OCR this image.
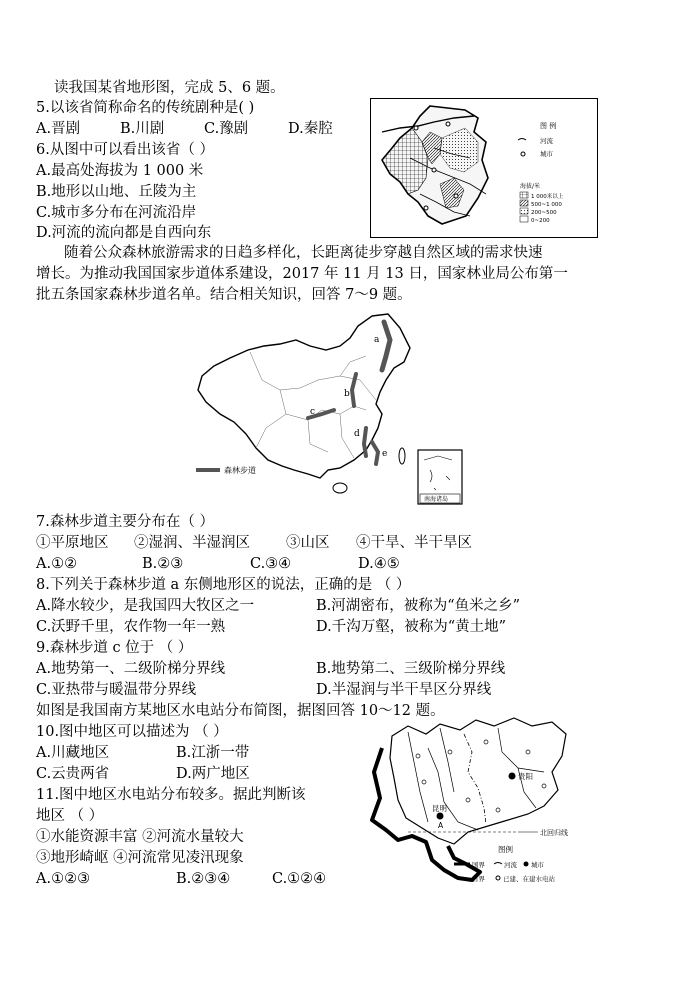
读我国某省地形图，完成 5、6 题。
5.以该省简称命名的传统剧种是( )
A.晋剧	B.川剧	C.豫剧	D.秦腔
6.从图中可以看出该省（ ）
A.最高处海拔为 1 000 米
B.地形以山地、丘陵为主
C.城市多分布在河流沿岸
D.河流的流向都是自西向东
图 例
河流
城市
海拔/米
1 000米以上
500~1 000
200~500
0~200
随着公众森林旅游需求的日趋多样化，长距离徒步穿越自然区域的需求快速
增长。为推动我国国家步道体系建设，2017 年 11 月 13 日，国家林业局公布第一
批五条国家森林步道名单。结合相关知识，回答 7～9 题。
a
b
c
d
e
森林步道
南海诸岛
7.森林步道主要分布在（ ）
①平原地区 ②湿润、半湿润区 ③山区 ④干旱、半干旱区
A.①②	B.②③	C.③④	D.④⑤
8.下列关于森林步道 a 东侧地形区的说法，正确的是 （ ）
A.降水较少，是我国四大牧区之一	B.河湖密布，被称为“鱼米之乡”
C.沃野千里，农作物一年一熟	D.千沟万壑，被称为“黄土地”
9.森林步道 c 位于 （ ）
A.地势第一、二级阶梯分界线	B.地势第二、三级阶梯分界线
C.亚热带与暖温带分界线	D.半湿润与半干旱区分界线
如图是我国南方某地区水电站分布简图，据图回答 10～12 题。
10.图中地区可以描述为 （ ）
A.川藏地区	B.江浙一带
C.云贵两省	D.两广地区
11.图中地区水电站分布较多。据此判断该
地区 （ ）
①水能资源丰富 ②河流水量较大
③地形崎岖 ④河流常见凌汛现象
A.①②③	B.②③④	C.①②④
北回归线
贵阳
昆明
A
图例
国界	河流 城市
省界	已建、在建水电站
